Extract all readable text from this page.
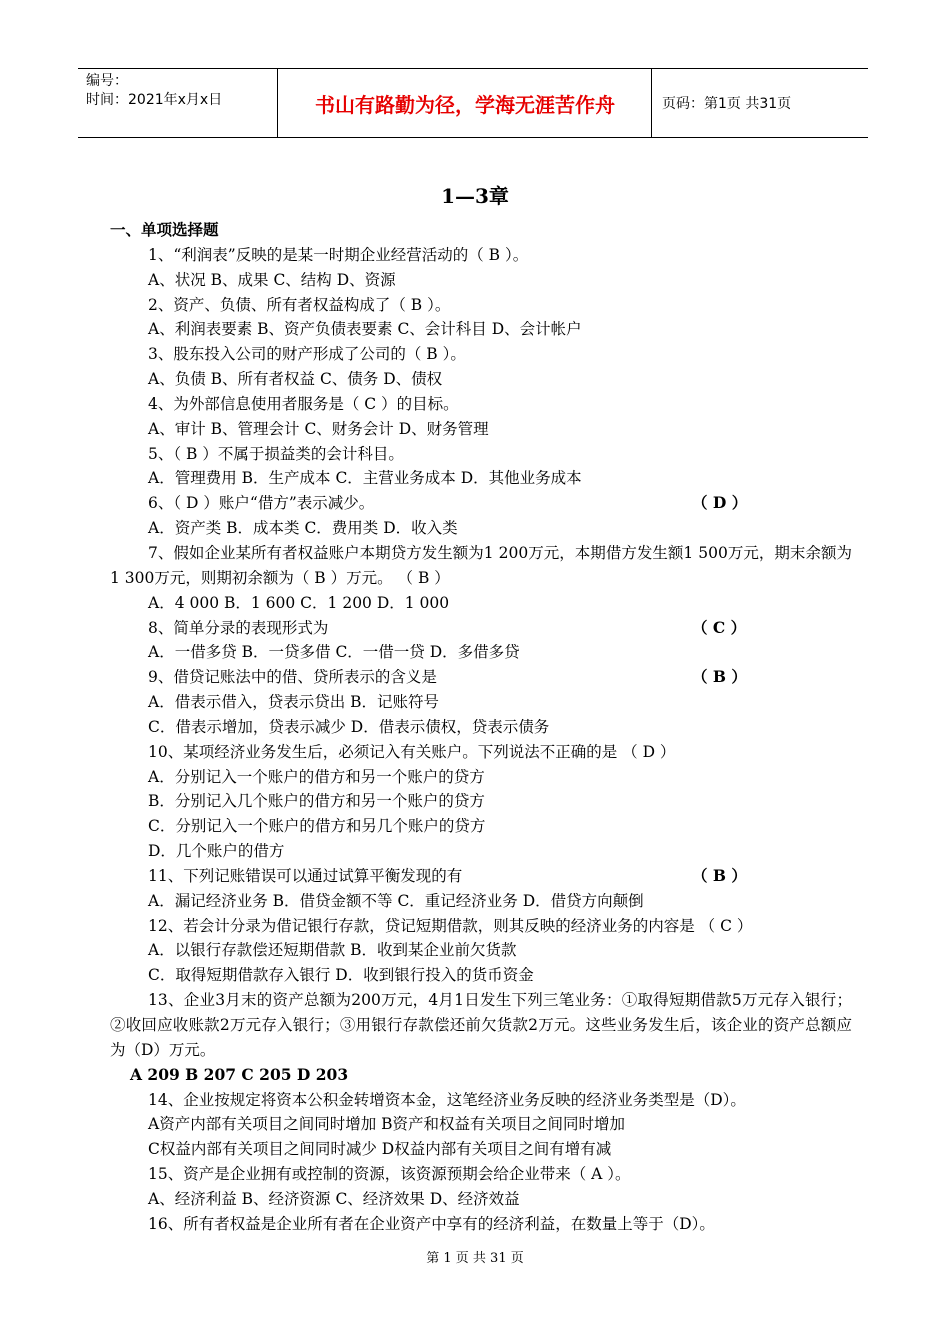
编号：
时间：2021年x月x日	书山有路勤为径，学海无涯苦作舟	页码：第1页 共31页
1—3章
一、单项选择题
1、“利润表”反映的是某一时期企业经营活动的（ B ）。
A、状况 B、成果 C、结构 D、资源
2、资产、负债、所有者权益构成了（ B ）。
A、利润表要素 B、资产负债表要素 C、会计科目 D、会计帐户
3、股东投入公司的财产形成了公司的（ B ）。
A、负债 B、所有者权益 C、债务 D、债权
4、为外部信息使用者服务是（ C ）的目标。
A、审计 B、管理会计 C、财务会计 D、财务管理
5、（ B ）不属于损益类的会计科目。
A．管理费用 B．生产成本 C．主营业务成本 D．其他业务成本
6、（ D ）账户“借方”表示减少。	（ D ）
A．资产类 B．成本类 C．费用类 D．收入类
7、假如企业某所有者权益账户本期贷方发生额为1 200万元，本期借方发生额1 500万元，期末余额为1 300万元，则期初余额为（ B ）万元。 （ B ）
A．4 000 B．1 600 C．1 200 D．1 000
8、简单分录的表现形式为	（ C ）
A．一借多贷 B．一贷多借 C．一借一贷 D．多借多贷
9、借贷记账法中的借、贷所表示的含义是	（ B ）
A．借表示借入，贷表示贷出 B．记账符号
C．借表示增加，贷表示减少 D．借表示债权，贷表示债务
10、某项经济业务发生后，必须记入有关账户。下列说法不正确的是 （ D ）
A．分别记入一个账户的借方和另一个账户的贷方
B．分别记入几个账户的借方和另一个账户的贷方
C．分别记入一个账户的借方和另几个账户的贷方
D．几个账户的借方
11、下列记账错误可以通过试算平衡发现的有	（ B ）
A．漏记经济业务 B．借贷金额不等 C．重记经济业务 D．借贷方向颠倒
12、若会计分录为借记银行存款，贷记短期借款，则其反映的经济业务的内容是 （ C ）
A．以银行存款偿还短期借款 B．收到某企业前欠货款
C．取得短期借款存入银行 D．收到银行投入的货币资金
13、企业3月末的资产总额为200万元，4月1日发生下列三笔业务：①取得短期借款5万元存入银行；②收回应收账款2万元存入银行；③用银行存款偿还前欠货款2万元。这些业务发生后，该企业的资产总额应为（D）万元。
A 209 B 207 C 205 D 203
14、企业按规定将资本公积金转增资本金，这笔经济业务反映的经济业务类型是（D）。
A资产内部有关项目之间同时增加 B资产和权益有关项目之间同时增加
C权益内部有关项目之间同时减少 D权益内部有关项目之间有增有减
15、资产是企业拥有或控制的资源，该资源预期会给企业带来（ A ）。
A、经济利益 B、经济资源 C、经济效果 D、经济效益
16、所有者权益是企业所有者在企业资产中享有的经济利益，在数量上等于（D）。
第 1 页 共 31 页
